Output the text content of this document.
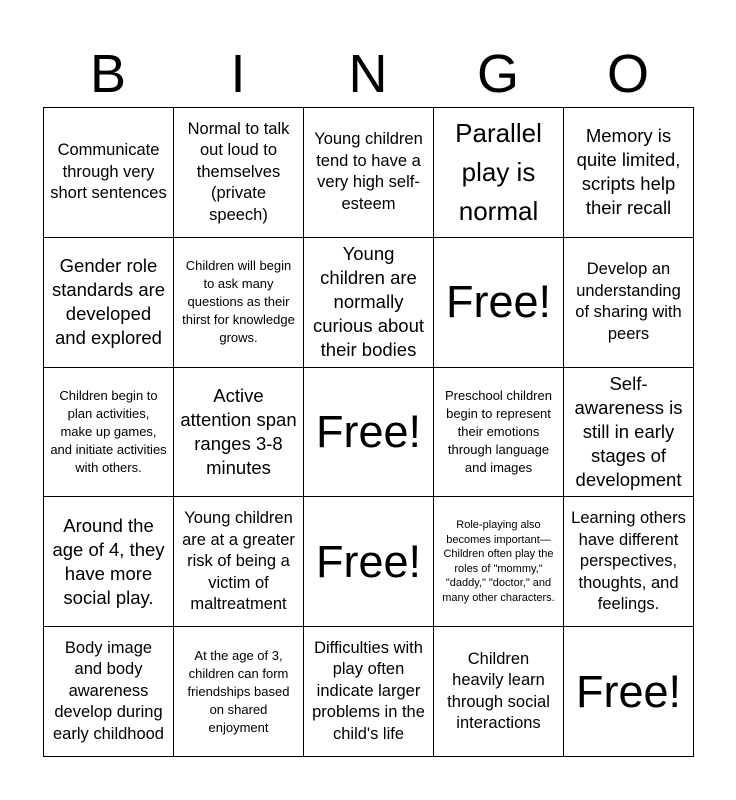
B	I	N	G	O
Communicate through very short sentences	Normal to talk out loud to themselves (private speech)	Young children tend to have a very high self-esteem	Parallel play is normal	Memory is quite limited, scripts help their recall
Gender role standards are developed and explored	Children will begin to ask many questions as their thirst for knowledge grows.	Young children are normally curious about their bodies	Free!	Develop an understanding of sharing with peers
Children begin to plan activities, make up games, and initiate activities with others.	Active attention span ranges 3-8 minutes	Free!	Preschool children begin to represent their emotions through language and images	Self-awareness is still in early stages of development
Around the age of 4, they have more social play.	Young children are at a greater risk of being a victim of maltreatment	Free!	Role-playing also becomes important—Children often play the roles of "mommy," "daddy," "doctor," and many other characters.	Learning others have different perspectives, thoughts, and feelings.
Body image and body awareness develop during early childhood	At the age of 3, children can form friendships based on shared enjoyment	Difficulties with play often indicate larger problems in the child's life	Children heavily learn through social interactions	Free!
